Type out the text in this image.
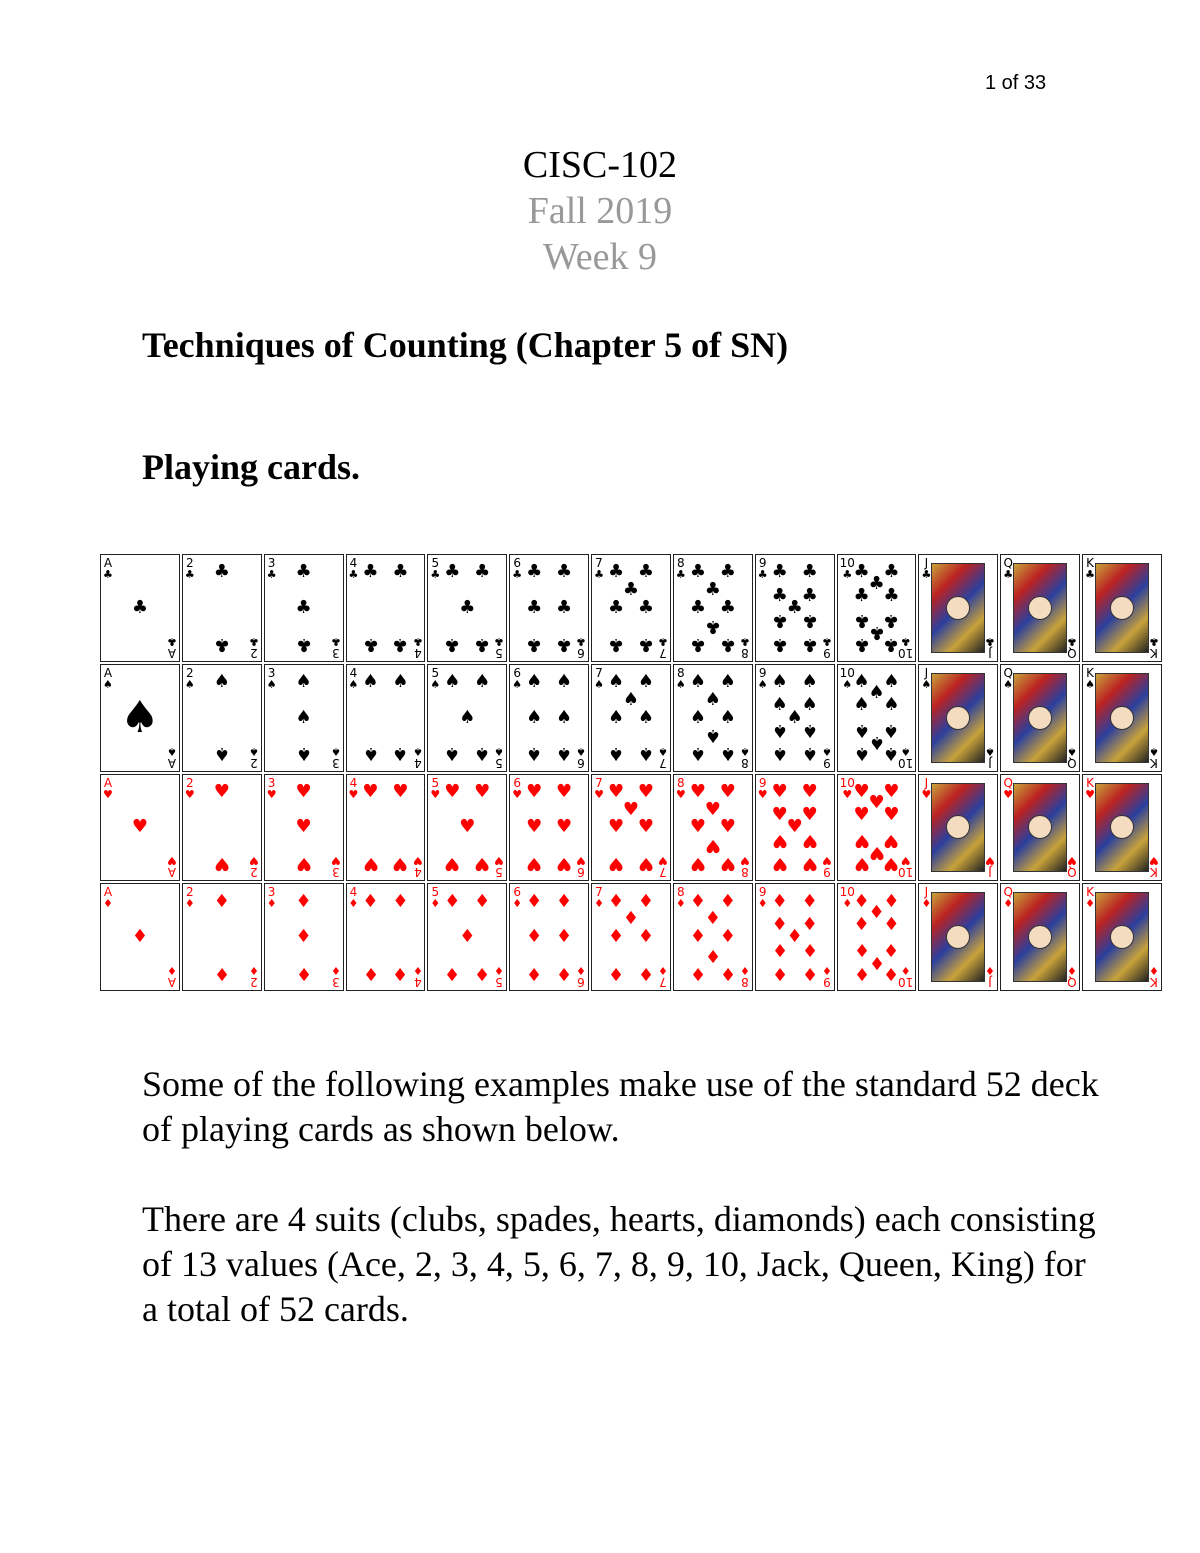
1 of 33
CISC-102
Fall 2019
Week 9
Techniques of Counting (Chapter 5 of SN)
Playing cards.
A
♣
♣
A
♣
2
♣ ♣
♣ 2
♣
3
♣ ♣
♣
♣ 3
♣
4
♣ ♣ ♣
♣ ♣ 4
♣
5
♣ ♣ ♣
♣
♣ ♣ 5
♣
6
♣ ♣ ♣
♣ ♣
♣ ♣ 6
♣
7
♣ ♣ ♣
♣
♣ ♣
♣ ♣ 7
♣
8
♣ ♣ ♣
♣
♣ ♣
♣
♣ ♣ 8
♣
9
♣ ♣ ♣
♣ ♣
♣
♣ ♣
♣ ♣ 9
♣
10
♣ ♣ ♣
♣
♣ ♣
♣ ♣
♣
♣ ♣
10
♣
J
♣
J
♣
Q
♣
Q
♣
K
♣
K
♣
A
♠
♠
A
♠
2
♠ ♠
♠ 2
♠
3
♠ ♠
♠
♠ 3
♠
4
♠ ♠ ♠
♠ ♠ 4
♠
5
♠ ♠ ♠
♠
♠ ♠ 5
♠
6
♠ ♠ ♠
♠ ♠
♠ ♠ 6
♠
7
♠ ♠ ♠
♠
♠ ♠
♠ ♠ 7
♠
8
♠ ♠ ♠
♠
♠ ♠
♠
♠ ♠ 8
♠
9
♠ ♠ ♠
♠ ♠
♠
♠ ♠
♠ ♠ 9
♠
10
♠ ♠ ♠
♠
♠ ♠
♠ ♠
♠
♠ ♠
10
♠
J
♠
J
♠
Q
♠
Q
♠
K
♠
K
♠
A
♥
♥
A
♥
2
♥ ♥
♥ 2
♥
3
♥ ♥
♥
♥ 3
♥
4
♥ ♥ ♥
♥ ♥ 4
♥
5
♥ ♥ ♥
♥
♥ ♥ 5
♥
6
♥ ♥ ♥
♥ ♥
♥ ♥ 6
♥
7
♥ ♥ ♥
♥
♥ ♥
♥ ♥ 7
♥
8
♥ ♥ ♥
♥
♥ ♥
♥
♥ ♥ 8
♥
9
♥ ♥ ♥
♥ ♥
♥
♥ ♥
♥ ♥ 9
♥
10
♥ ♥ ♥
♥
♥ ♥
♥ ♥
♥
♥ ♥
10
♥
J
♥
J
♥
Q
♥
Q
♥
K
♥
K
♥
A
♦
♦
A
♦
2
♦ ♦
♦ 2
♦
3
♦ ♦
♦
♦ 3
♦
4
♦ ♦ ♦
♦ ♦ 4
♦
5
♦ ♦ ♦
♦
♦ ♦ 5
♦
6
♦ ♦ ♦
♦ ♦
♦ ♦ 6
♦
7
♦ ♦ ♦
♦
♦ ♦
♦ ♦ 7
♦
8
♦ ♦ ♦
♦
♦ ♦
♦
♦ ♦ 8
♦
9
♦ ♦ ♦
♦ ♦
♦
♦ ♦
♦ ♦ 9
♦
10
♦ ♦ ♦
♦
♦ ♦
♦ ♦
♦
♦ ♦
10
♦
J
♦
J
♦
Q
♦
Q
♦
K
♦
K
♦
Some of the following examples make use of the standard 52 deck of playing cards as shown below.
There are 4 suits (clubs, spades, hearts, diamonds) each consisting of 13 values (Ace, 2, 3, 4, 5, 6, 7, 8, 9, 10, Jack, Queen, King) for a total of 52 cards.
